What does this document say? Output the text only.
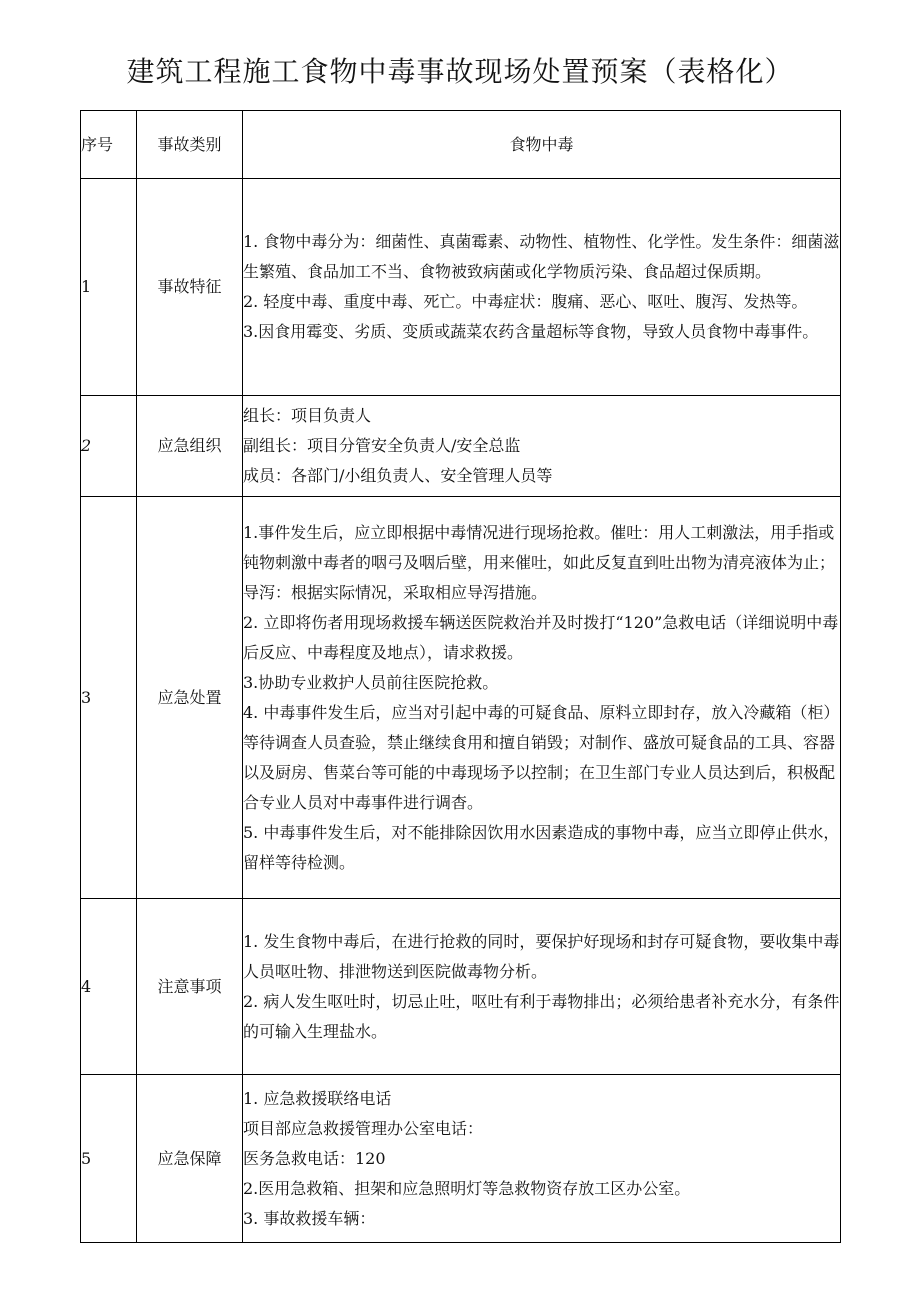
建筑工程施工食物中毒事故现场处置预案（表格化）
序号	事故类别	食物中毒
1	事故特征	1. 食物中毒分为：细菌性、真菌霉素、动物性、植物性、化学性。发生条件：细菌滋生繁殖、食品加工不当、食物被致病菌或化学物质污染、食品超过保质期。
2. 轻度中毒、重度中毒、死亡。中毒症状：腹痛、恶心、呕吐、腹泻、发热等。
3.因食用霉变、劣质、变质或蔬菜农药含量超标等食物，导致人员食物中毒事件。

2	应急组织	组长：项目负责人
副组长：项目分管安全负责人/安全总监
成员：各部门/小组负责人、安全管理人员等

3	应急处置	1.事件发生后，应立即根据中毒情况进行现场抢救。催吐：用人工刺激法，用手指或钝物刺激中毒者的咽弓及咽后壁，用来催吐，如此反复直到吐出物为清亮液体为止；导泻：根据实际情况，采取相应导泻措施。
2. 立即将伤者用现场救援车辆送医院救治并及时拨打“120”急救电话（详细说明中毒后反应、中毒程度及地点），请求救援。
3.协助专业救护人员前往医院抢救。
4. 中毒事件发生后，应当对引起中毒的可疑食品、原料立即封存，放入冷藏箱（柜）等待调查人员查验，禁止继续食用和擅自销毁；对制作、盛放可疑食品的工具、容器以及厨房、售菜台等可能的中毒现场予以控制；在卫生部门专业人员达到后，积极配合专业人员对中毒事件进行调杳。
5. 中毒事件发生后，对不能排除因饮用水因素造成的事物中毒，应当立即停止供水，留样等待检测。

4	注意事项	1. 发生食物中毒后，在进行抢救的同时，要保护好现场和封存可疑食物，要收集中毒人员呕吐物、排泄物送到医院做毒物分析。
2. 病人发生呕吐时，切忌止吐，呕吐有利于毒物排出；必须给患者补充水分，有条件的可输入生理盐水。

5	应急保障	1. 应急救援联络电话
项目部应急救援管理办公室电话：
医务急救电话：120
2.医用急救箱、担架和应急照明灯等急救物资存放工区办公室。
3. 事故救援车辆：
